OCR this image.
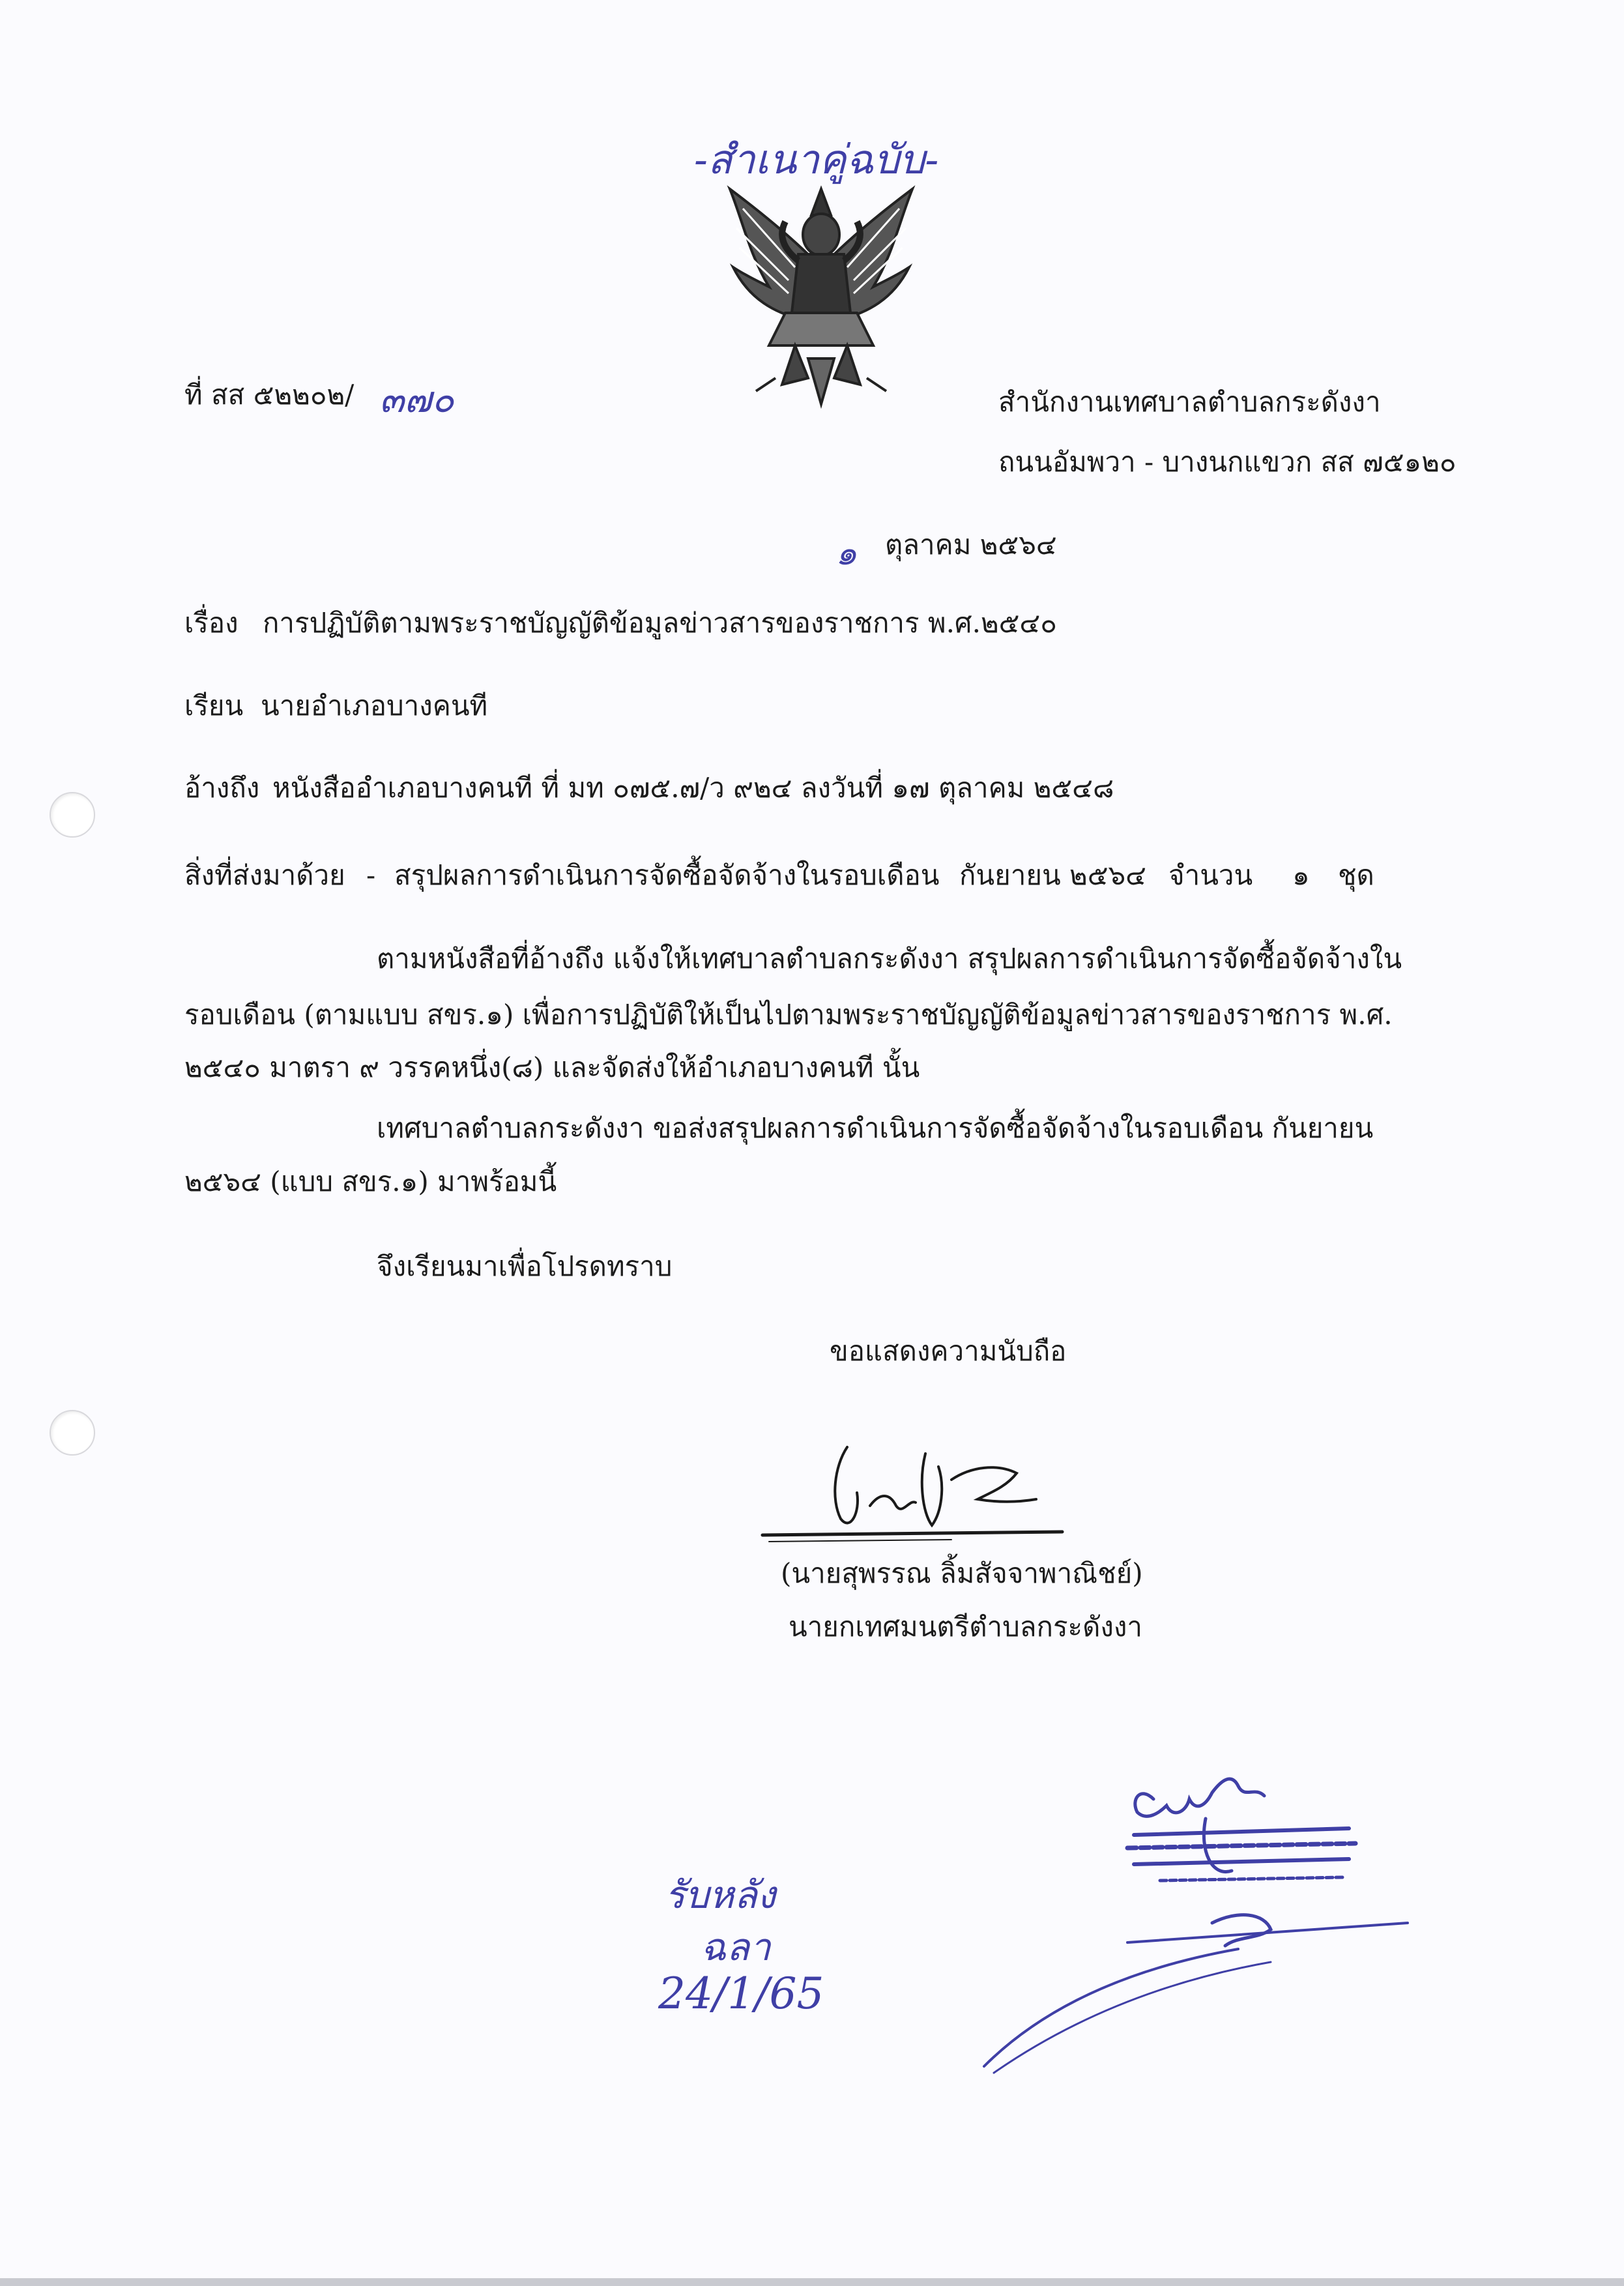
-สำเนาคู่ฉบับ-
ที่ สส ๕๒๒๐๒/ ๓๗๐	สำนักงานเทศบาลตำบลกระดังงา
ถนนอัมพวา - บางนกแขวก สส ๗๕๑๒๐
๑ ตุลาคม ๒๕๖๔
เรื่อง การปฏิบัติตามพระราชบัญญัติข้อมูลข่าวสารของราชการ พ.ศ.๒๕๔๐
เรียน นายอำเภอบางคนที
อ้างถึง หนังสืออำเภอบางคนที ที่ มท ๐๗๕.๗/ว ๙๒๔ ลงวันที่ ๑๗ ตุลาคม ๒๕๔๘
สิ่งที่ส่งมาด้วย - สรุปผลการดำเนินการจัดซื้อจัดจ้างในรอบเดือน กันยายน ๒๕๖๔ จำนวน ๑ ชุด
ตามหนังสือที่อ้างถึง แจ้งให้เทศบาลตำบลกระดังงา สรุปผลการดำเนินการจัดซื้อจัดจ้างใน
รอบเดือน (ตามแบบ สขร.๑) เพื่อการปฏิบัติให้เป็นไปตามพระราชบัญญัติข้อมูลข่าวสารของราชการ พ.ศ.
๒๕๔๐ มาตรา ๙ วรรคหนึ่ง(๘) และจัดส่งให้อำเภอบางคนที นั้น
เทศบาลตำบลกระดังงา ขอส่งสรุปผลการดำเนินการจัดซื้อจัดจ้างในรอบเดือน กันยายน
๒๕๖๔ (แบบ สขร.๑) มาพร้อมนี้
จึงเรียนมาเพื่อโปรดทราบ
ขอแสดงความนับถือ
(นายสุพรรณ ลิ้มสัจจาพาณิชย์)
นายกเทศมนตรีตำบลกระดังงา
รับหลัง
ฉลา
24/1/65
